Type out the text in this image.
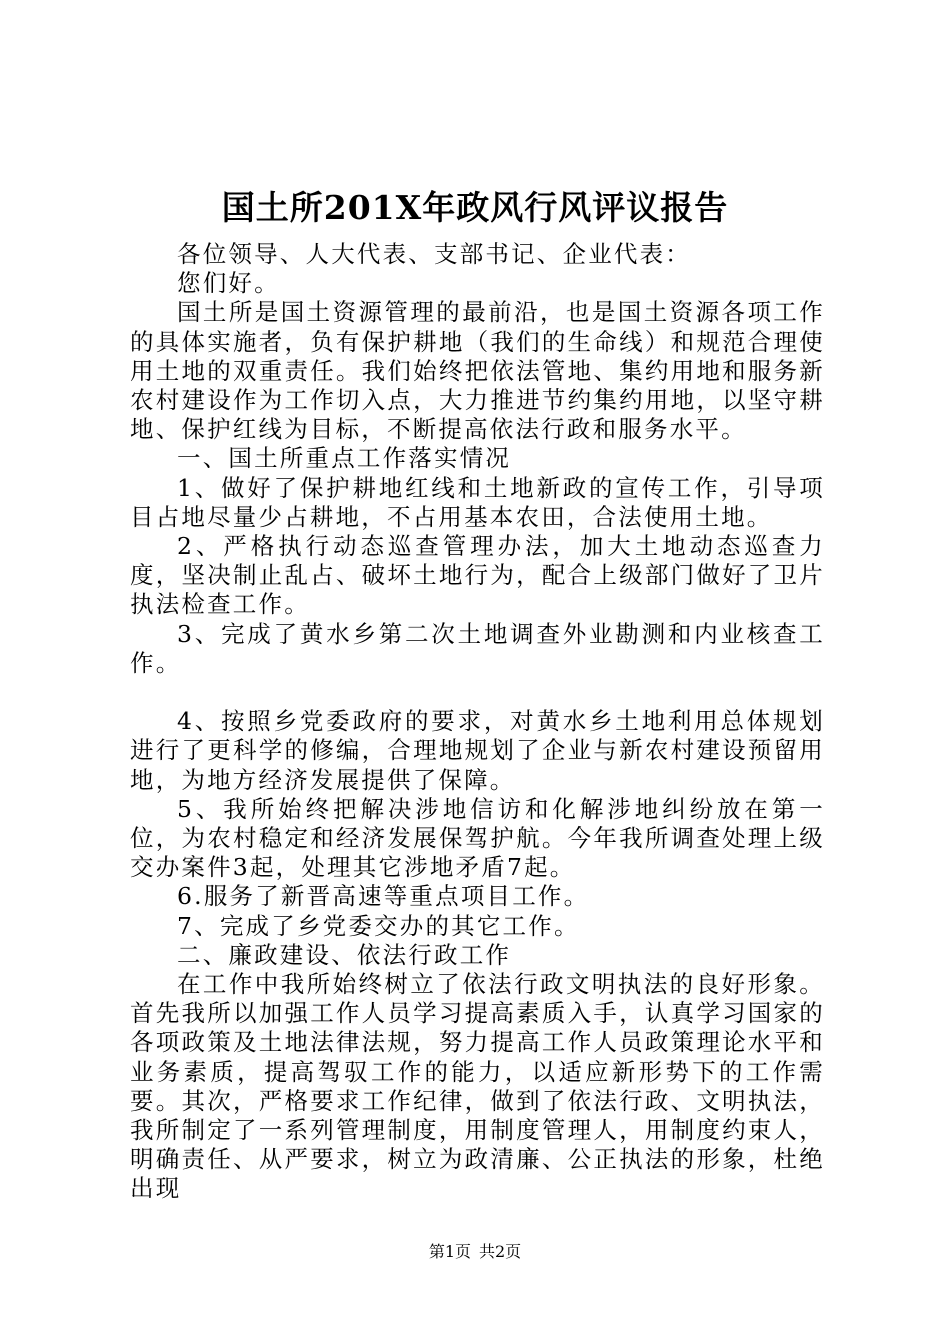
国土所201X年政风行风评议报告

各位领导、人大代表、支部书记、企业代表：

您们好。

国土所是国土资源管理的最前沿，也是国土资源各项工作的具体实施者，负有保护耕地（我们的生命线）和规范合理使用土地的双重责任。我们始终把依法管地、集约用地和服务新农村建设作为工作切入点，大力推进节约集约用地，以坚守耕地、保护红线为目标，不断提高依法行政和服务水平。

一、国土所重点工作落实情况

1、做好了保护耕地红线和土地新政的宣传工作，引导项目占地尽量少占耕地，不占用基本农田，合法使用土地。

2、严格执行动态巡查管理办法，加大土地动态巡查力度，坚决制止乱占、破坏土地行为，配合上级部门做好了卫片执法检查工作。

3、完成了黄水乡第二次土地调查外业勘测和内业核查工作。

4、按照乡党委政府的要求，对黄水乡土地利用总体规划进行了更科学的修编，合理地规划了企业与新农村建设预留用地，为地方经济发展提供了保障。

5、我所始终把解决涉地信访和化解涉地纠纷放在第一位，为农村稳定和经济发展保驾护航。今年我所调查处理上级交办案件3起，处理其它涉地矛盾7起。

6.服务了新晋高速等重点项目工作。

7、完成了乡党委交办的其它工作。

二、廉政建设、依法行政工作

在工作中我所始终树立了依法行政文明执法的良好形象。首先我所以加强工作人员学习提高素质入手，认真学习国家的各项政策及土地法律法规，努力提高工作人员政策理论水平和业务素质，提高驾驭工作的能力，以适应新形势下的工作需要。其次，严格要求工作纪律，做到了依法行政、文明执法，我所制定了一系列管理制度，用制度管理人，用制度约束人，明确责任、从严要求，树立为政清廉、公正执法的形象，杜绝出现

第1页 共2页
